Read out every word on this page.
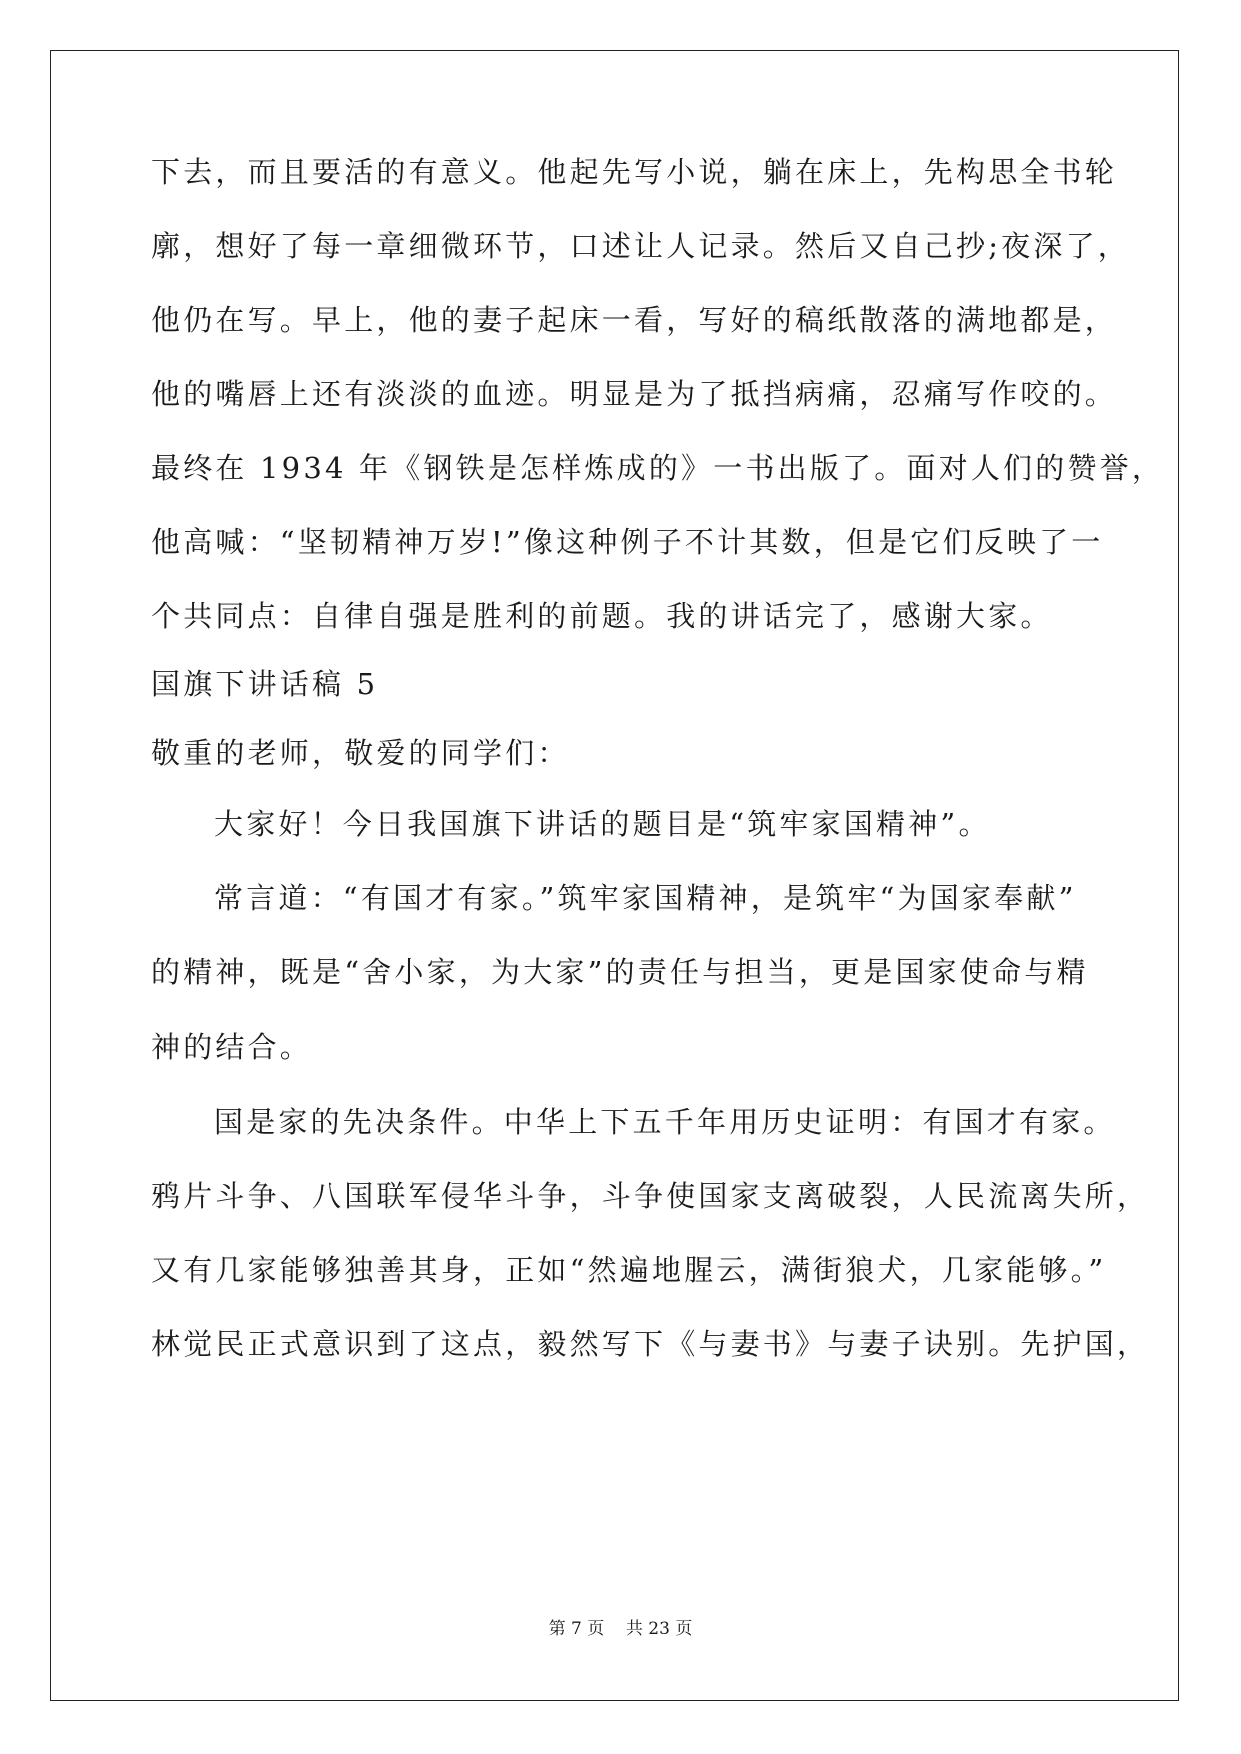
下去，而且要活的有意义。他起先写小说，躺在床上，先构思全书轮
廓，想好了每一章细微环节，口述让人记录。然后又自己抄;夜深了，
他仍在写。早上，他的妻子起床一看，写好的稿纸散落的满地都是，
他的嘴唇上还有淡淡的血迹。明显是为了抵挡病痛，忍痛写作咬的。
最终在 1934 年《钢铁是怎样炼成的》一书出版了。面对人们的赞誉，
他高喊：“坚韧精神万岁!”像这种例子不计其数，但是它们反映了一
个共同点：自律自强是胜利的前题。我的讲话完了，感谢大家。
国旗下讲话稿 5
敬重的老师，敬爱的同学们：
大家好！今日我国旗下讲话的题目是“筑牢家国精神”。
常言道：“有国才有家。”筑牢家国精神，是筑牢“为国家奉献”
的精神，既是“舍小家，为大家”的责任与担当，更是国家使命与精
神的结合。
国是家的先决条件。中华上下五千年用历史证明：有国才有家。
鸦片斗争、八国联军侵华斗争，斗争使国家支离破裂，人民流离失所，
又有几家能够独善其身，正如“然遍地腥云，满街狼犬，几家能够。”
林觉民正式意识到了这点，毅然写下《与妻书》与妻子诀别。先护国，
第 7 页    共 23 页
